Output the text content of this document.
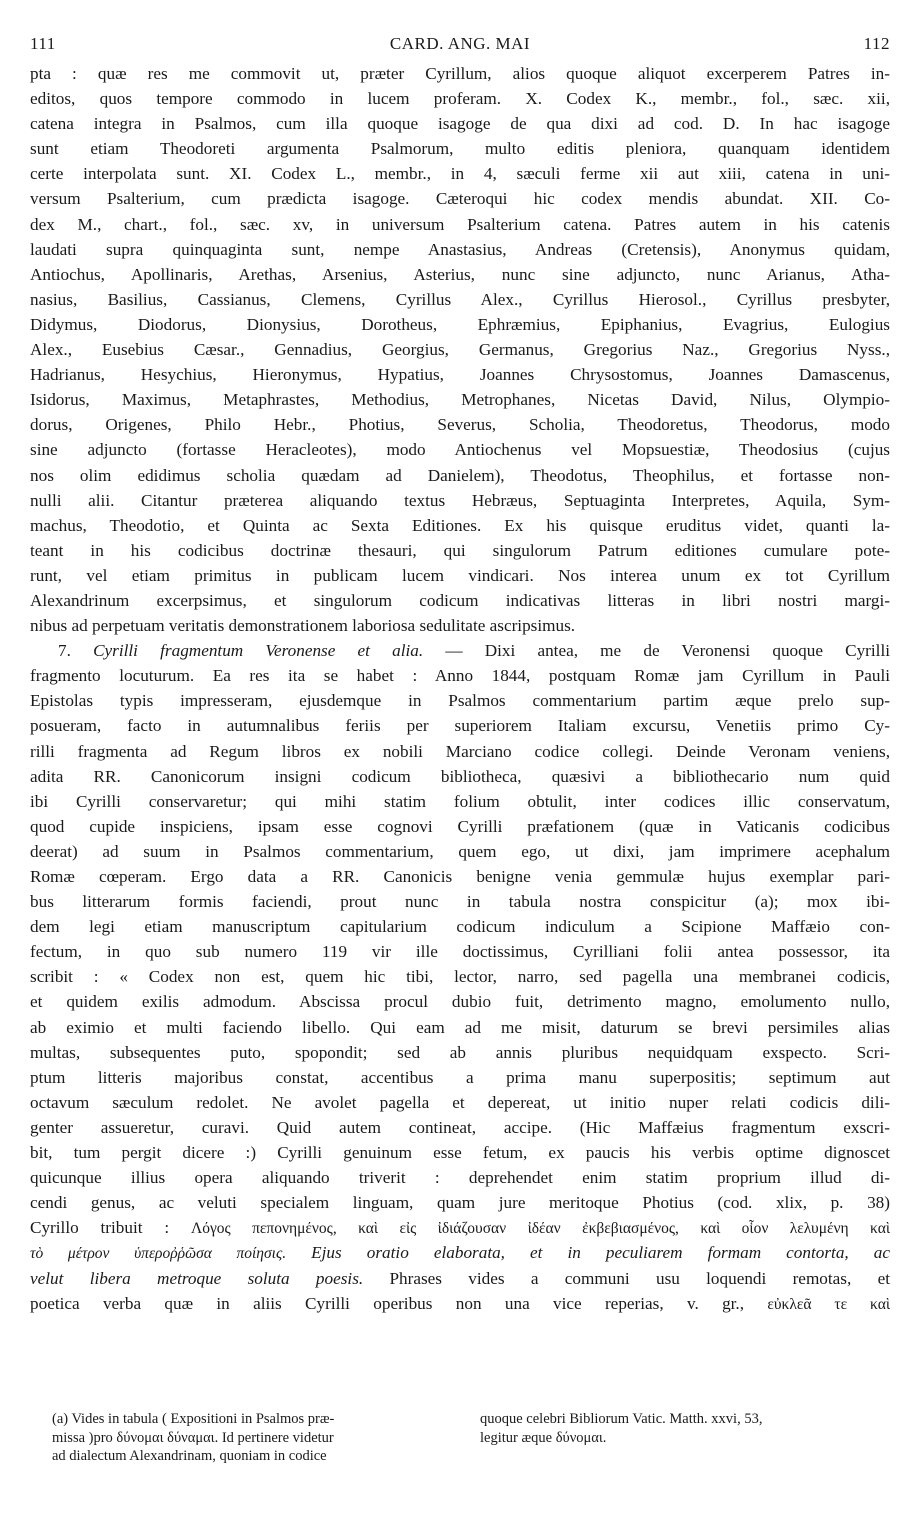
111	CARD. ANG. MAI	112
pta : quæ res me commovit ut, præter Cyrillum, alios quoque aliquot excerperem Patres in-
editos, quos tempore commodo in lucem proferam. X. Codex K., membr., fol., sæc. xii,
catena integra in Psalmos, cum illa quoque isagoge de qua dixi ad cod. D. In hac isagoge
sunt etiam Theodoreti argumenta Psalmorum, multo editis pleniora, quanquam identidem
certe interpolata sunt. XI. Codex L., membr., in 4, sæculi ferme xii aut xiii, catena in uni-
versum Psalterium, cum prædicta isagoge. Cæteroqui hic codex mendis abundat. XII. Co-
dex M., chart., fol., sæc. xv, in universum Psalterium catena. Patres autem in his catenis
laudati supra quinquaginta sunt, nempe Anastasius, Andreas (Cretensis), Anonymus quidam,
Antiochus, Apollinaris, Arethas, Arsenius, Asterius, nunc sine adjuncto, nunc Arianus, Atha-
nasius, Basilius, Cassianus, Clemens, Cyrillus Alex., Cyrillus Hierosol., Cyrillus presbyter,
Didymus, Diodorus, Dionysius, Dorotheus, Ephræmius, Epiphanius, Evagrius, Eulogius
Alex., Eusebius Cæsar., Gennadius, Georgius, Germanus, Gregorius Naz., Gregorius Nyss.,
Hadrianus, Hesychius, Hieronymus, Hypatius, Joannes Chrysostomus, Joannes Damascenus,
Isidorus, Maximus, Metaphrastes, Methodius, Metrophanes, Nicetas David, Nilus, Olympio-
dorus, Origenes, Philo Hebr., Photius, Severus, Scholia, Theodoretus, Theodorus, modo
sine adjuncto (fortasse Heracleotes), modo Antiochenus vel Mopsuestiæ, Theodosius (cujus
nos olim edidimus scholia quædam ad Danielem), Theodotus, Theophilus, et fortasse non-
nulli alii. Citantur præterea aliquando textus Hebræus, Septuaginta Interpretes, Aquila, Sym-
machus, Theodotio, et Quinta ac Sexta Editiones. Ex his quisque eruditus videt, quanti la-
teant in his codicibus doctrinæ thesauri, qui singulorum Patrum editiones cumulare pote-
runt, vel etiam primitus in publicam lucem vindicari. Nos interea unum ex tot Cyrillum
Alexandrinum excerpsimus, et singulorum codicum indicativas litteras in libri nostri margi-
nibus ad perpetuam veritatis demonstrationem laboriosa sedulitate ascripsimus.
7. Cyrilli fragmentum Veronense et alia. — Dixi antea, me de Veronensi quoque Cyrilli
fragmento locuturum. Ea res ita se habet : Anno 1844, postquam Romæ jam Cyrillum in Pauli
Epistolas typis impresseram, ejusdemque in Psalmos commentarium partim æque prelo sup-
posueram, facto in autumnalibus feriis per superiorem Italiam excursu, Venetiis primo Cy-
rilli fragmenta ad Regum libros ex nobili Marciano codice collegi. Deinde Veronam veniens,
adita RR. Canonicorum insigni codicum bibliotheca, quæsivi a bibliothecario num quid
ibi Cyrilli conservaretur; qui mihi statim folium obtulit, inter codices illic conservatum,
quod cupide inspiciens, ipsam esse cognovi Cyrilli præfationem (quæ in Vaticanis codicibus
deerat) ad suum in Psalmos commentarium, quem ego, ut dixi, jam imprimere acephalum
Romæ cœperam. Ergo data a RR. Canonicis benigne venia gemmulæ hujus exemplar pari-
bus litterarum formis faciendi, prout nunc in tabula nostra conspicitur (a); mox ibi-
dem legi etiam manuscriptum capitularium codicum indiculum a Scipione Maffæio con-
fectum, in quo sub numero 119 vir ille doctissimus, Cyrilliani folii antea possessor, ita
scribit : « Codex non est, quem hic tibi, lector, narro, sed pagella una membranei codicis,
et quidem exilis admodum. Abscissa procul dubio fuit, detrimento magno, emolumento nullo,
ab eximio et multi faciendo libello. Qui eam ad me misit, daturum se brevi persimiles alias
multas, subsequentes puto, spopondit; sed ab annis pluribus nequidquam exspecto. Scri-
ptum litteris majoribus constat, accentibus a prima manu superpositis; septimum aut
octavum sæculum redolet. Ne avolet pagella et depereat, ut initio nuper relati codicis dili-
genter assueretur, curavi. Quid autem contineat, accipe. (Hic Maffæius fragmentum exscri-
bit, tum pergit dicere :) Cyrilli genuinum esse fetum, ex paucis his verbis optime dignoscet
quicunque illius opera aliquando triverit : deprehendet enim statim proprium illud di-
cendi genus, ac veluti specialem linguam, quam jure meritoque Photius (cod. xlix, p. 38)
Cyrillo tribuit : Λόγος πεπονημένος, καὶ εἰς ἰδιάζουσαν ἰδέαν ἐκβεβιασμένος, καὶ οἷον λελυμένη καὶ
τὸ μέτρον ὑπεροῤῥῶσα ποίησις. Ejus oratio elaborata, et in peculiarem formam contorta, ac
velut libera metroque soluta poesis. Phrases vides a communi usu loquendi remotas, et
poetica verba quæ in aliis Cyrilli operibus non una vice reperias, v. gr., εὐκλεᾶ τε καὶ
(a) Vides in tabula ( Expositioni in Psalmos præ-
missa )pro δύνομαι δύναμαι. Id pertinere videtur
ad dialectum Alexandrinam, quoniam in codice
quoque celebri Bibliorum Vatic. Matth. xxvi, 53,
legitur æque δύνομαι.
